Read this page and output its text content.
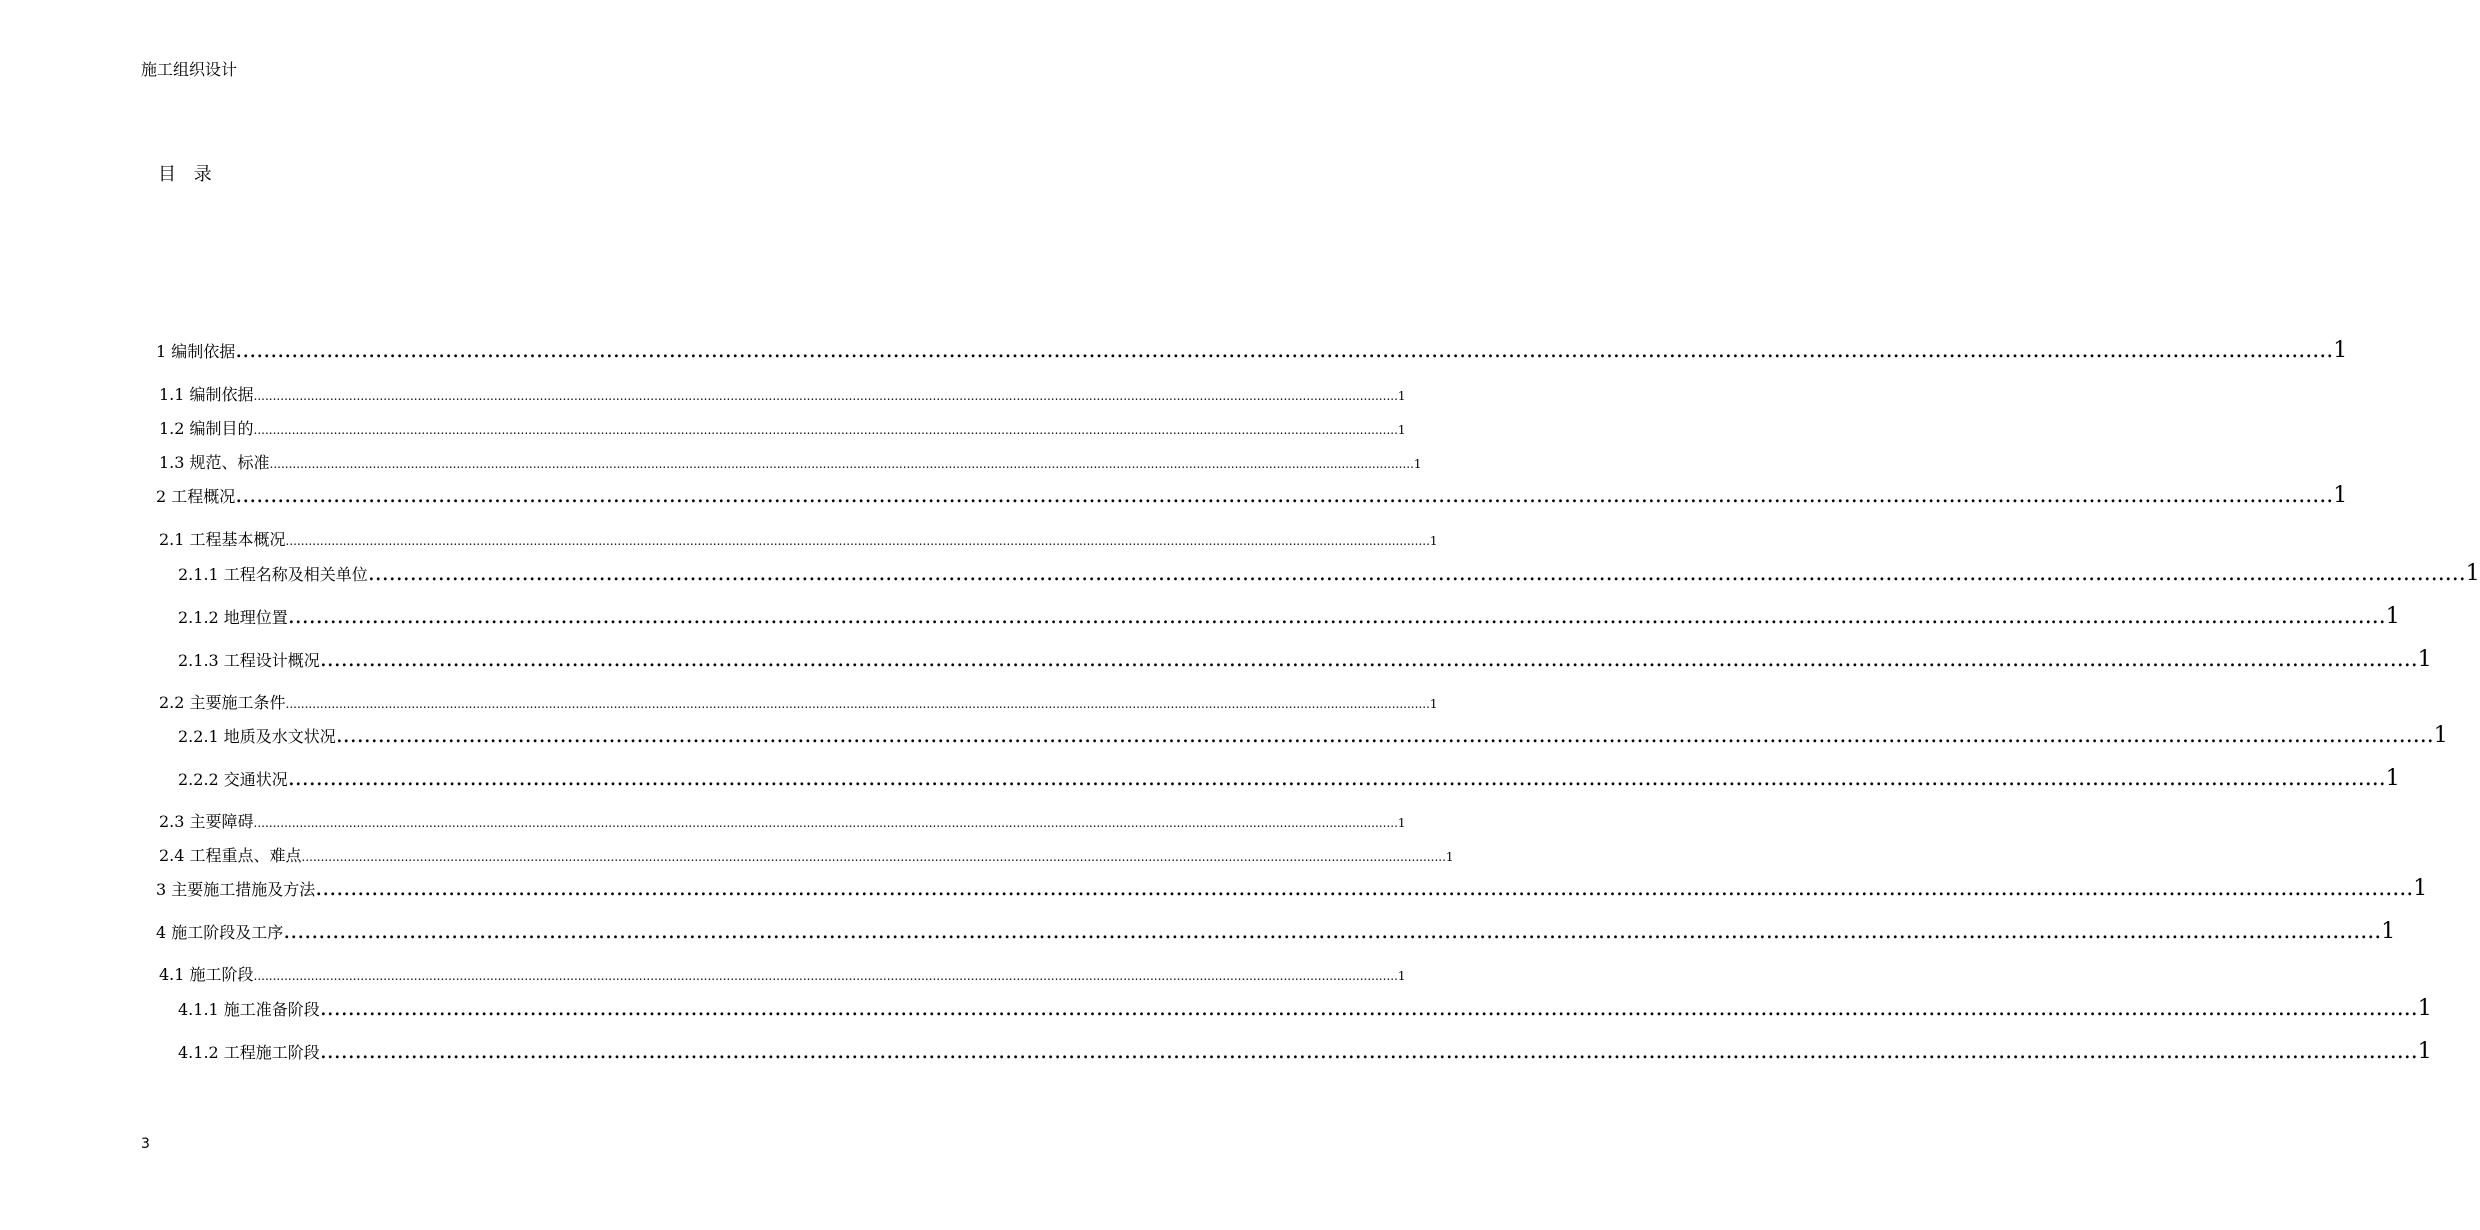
施工组织设计
目 录
1 编制依据 ............................................................................................................................................................................................................................................................................................................ 1
1.1 编制依据 ............................................................................................................................................................................................................................................................................................................ 1
1.2 编制目的 ............................................................................................................................................................................................................................................................................................................ 1
1.3 规范、标准 ............................................................................................................................................................................................................................................................................................................ 1
2 工程概况 ............................................................................................................................................................................................................................................................................................................ 1
2.1 工程基本概况 ............................................................................................................................................................................................................................................................................................................ 1
2.1.1 工程名称及相关单位 ............................................................................................................................................................................................................................................................................................................ 1
2.1.2 地理位置 ............................................................................................................................................................................................................................................................................................................ 1
2.1.3 工程设计概况 ............................................................................................................................................................................................................................................................................................................ 1
2.2 主要施工条件 ............................................................................................................................................................................................................................................................................................................ 1
2.2.1 地质及水文状况 ............................................................................................................................................................................................................................................................................................................ 1
2.2.2 交通状况 ............................................................................................................................................................................................................................................................................................................ 1
2.3 主要障碍 ............................................................................................................................................................................................................................................................................................................ 1
2.4 工程重点、难点 ............................................................................................................................................................................................................................................................................................................ 1
3 主要施工措施及方法 ............................................................................................................................................................................................................................................................................................................ 1
4 施工阶段及工序 ............................................................................................................................................................................................................................................................................................................ 1
4.1 施工阶段 ............................................................................................................................................................................................................................................................................................................ 1
4.1.1 施工准备阶段 ............................................................................................................................................................................................................................................................................................................ 1
4.1.2 工程施工阶段 ............................................................................................................................................................................................................................................................................................................ 1
3
